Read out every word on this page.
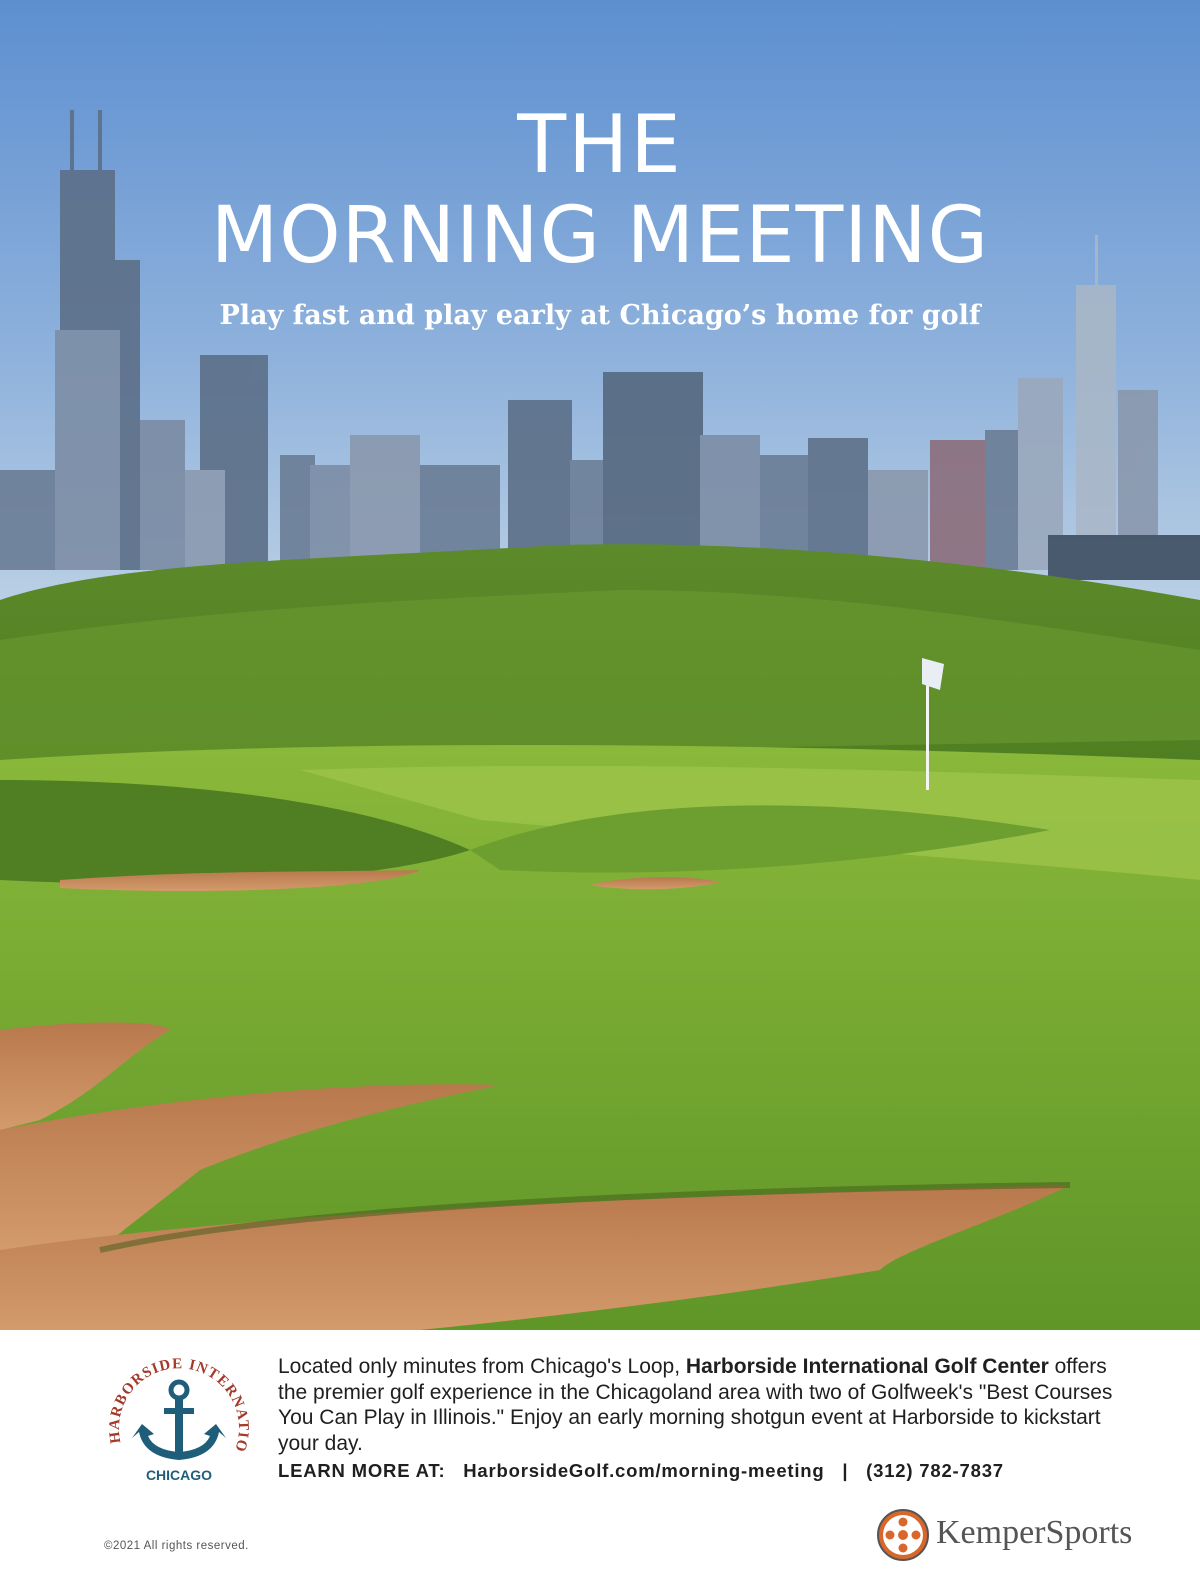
THE
MORNING MEETING
Play fast and play early at Chicago’s home for golf
HARBORSIDE INTERNATIO
CHICAGO
Located only minutes from Chicago's Loop, Harborside International Golf Center offers the premier golf experience in the Chicagoland area with two of Golfweek's "Best Courses You Can Play in Illinois." Enjoy an early morning shotgun event at Harborside to kickstart your day.
LEARN MORE AT: HarborsideGolf.com/morning-meeting | (312) 782-7837
©2021 All rights reserved.	KemperSports
